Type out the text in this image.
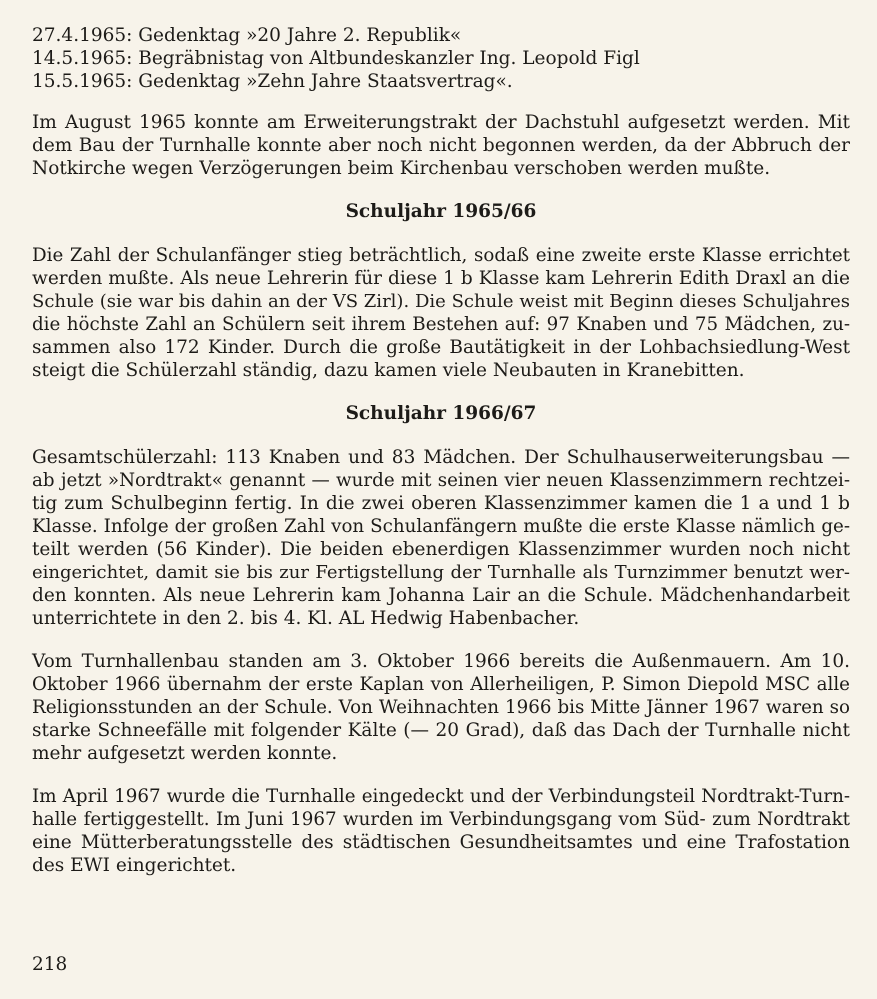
27.4.1965: Gedenktag »20 Jahre 2. Republik«
14.5.1965: Begräbnistag von Altbundeskanzler Ing. Leopold Figl
15.5.1965: Gedenktag »Zehn Jahre Staatsvertrag«.
Im August 1965 konnte am Erweiterungstrakt der Dachstuhl aufgesetzt werden. Mit
dem Bau der Turnhalle konnte aber noch nicht begonnen werden, da der Abbruch der
Notkirche wegen Verzögerungen beim Kirchenbau verschoben werden mußte.
Schuljahr 1965/66
Die Zahl der Schulanfänger stieg beträchtlich, sodaß eine zweite erste Klasse errichtet
werden mußte. Als neue Lehrerin für diese 1 b Klasse kam Lehrerin Edith Draxl an die
Schule (sie war bis dahin an der VS Zirl). Die Schule weist mit Beginn dieses Schuljahres
die höchste Zahl an Schülern seit ihrem Bestehen auf: 97 Knaben und 75 Mädchen, zu-
sammen also 172 Kinder. Durch die große Bautätigkeit in der Lohbachsiedlung-West
steigt die Schülerzahl ständig, dazu kamen viele Neubauten in Kranebitten.
Schuljahr 1966/67
Gesamtschülerzahl: 113 Knaben und 83 Mädchen. Der Schulhauserweiterungsbau —
ab jetzt »Nordtrakt« genannt — wurde mit seinen vier neuen Klassenzimmern rechtzei-
tig zum Schulbeginn fertig. In die zwei oberen Klassenzimmer kamen die 1 a und 1 b
Klasse. Infolge der großen Zahl von Schulanfängern mußte die erste Klasse nämlich ge-
teilt werden (56 Kinder). Die beiden ebenerdigen Klassenzimmer wurden noch nicht
eingerichtet, damit sie bis zur Fertigstellung der Turnhalle als Turnzimmer benutzt wer-
den konnten. Als neue Lehrerin kam Johanna Lair an die Schule. Mädchenhandarbeit
unterrichtete in den 2. bis 4. Kl. AL Hedwig Habenbacher.
Vom Turnhallenbau standen am 3. Oktober 1966 bereits die Außenmauern. Am 10.
Oktober 1966 übernahm der erste Kaplan von Allerheiligen, P. Simon Diepold MSC alle
Religionsstunden an der Schule. Von Weihnachten 1966 bis Mitte Jänner 1967 waren so
starke Schneefälle mit folgender Kälte (— 20 Grad), daß das Dach der Turnhalle nicht
mehr aufgesetzt werden konnte.
Im April 1967 wurde die Turnhalle eingedeckt und der Verbindungsteil Nordtrakt-Turn-
halle fertiggestellt. Im Juni 1967 wurden im Verbindungsgang vom Süd- zum Nordtrakt
eine Mütterberatungsstelle des städtischen Gesundheitsamtes und eine Trafostation
des EWI eingerichtet.
218
